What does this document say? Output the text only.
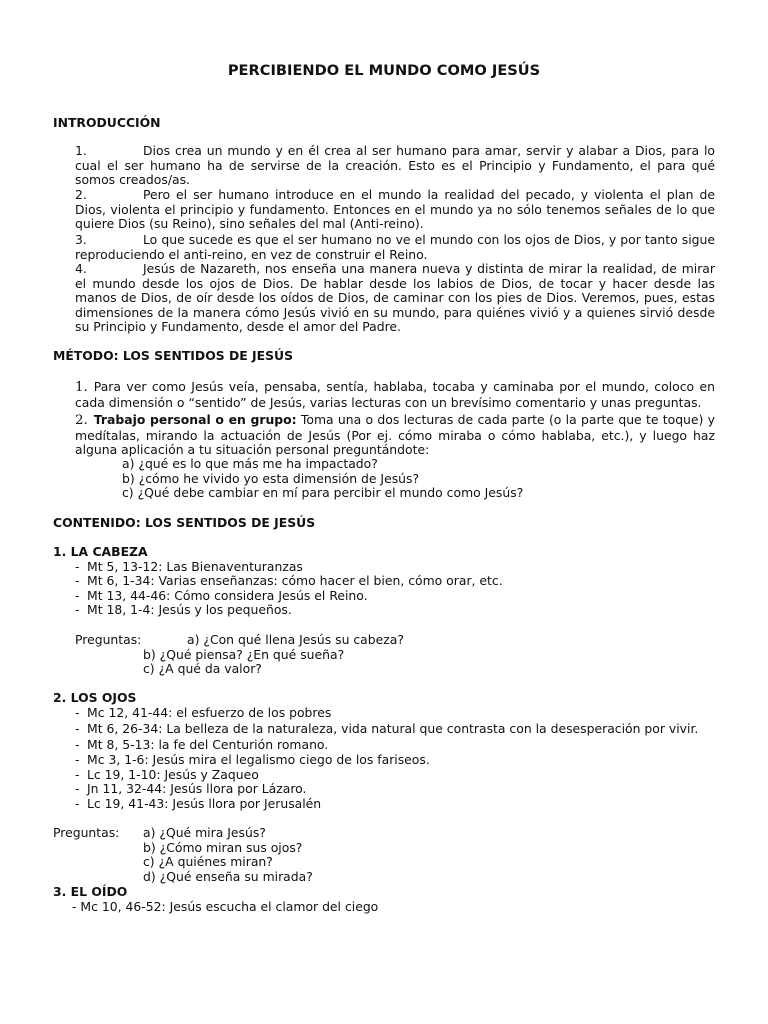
PERCIBIENDO EL MUNDO COMO JESÚS
INTRODUCCIÓN
1.	Dios crea un mundo y en él crea al ser humano para amar, servir y alabar a Dios, para lo cual el ser humano ha de servirse de la creación. Esto es el Principio y Fundamento, el para qué somos creados/as.
2.	Pero el ser humano introduce en el mundo la realidad del pecado, y violenta el plan de Dios, violenta el principio y fundamento. Entonces en el mundo ya no sólo tenemos señales de lo que quiere Dios (su Reino), sino señales del mal (Anti-reino).
3.	Lo que sucede es que el ser humano no ve el mundo con los ojos de Dios, y por tanto sigue reproduciendo el anti-reino, en vez de construir el Reino.
4.	Jesús de Nazareth, nos enseña una manera nueva y distinta de mirar la realidad, de mirar el mundo desde los ojos de Dios. De hablar desde los labios de Dios, de tocar y hacer desde las manos de Dios, de oír desde los oídos de Dios, de caminar con los pies de Dios. Veremos, pues, estas dimensiones de la manera cómo Jesús vivió en su mundo, para quiénes vivió y a quienes sirvió desde su Principio y Fundamento, desde el amor del Padre.
MÉTODO: LOS SENTIDOS DE JESÚS
1. Para ver como Jesús veía, pensaba, sentía, hablaba, tocaba y caminaba por el mundo, coloco en cada dimensión o “sentido” de Jesús, varias lecturas con un brevísimo comentario y unas preguntas.
2. Trabajo personal o en grupo: Toma una o dos lecturas de cada parte (o la parte que te toque) y medítalas, mirando la actuación de Jesús (Por ej. cómo miraba o cómo hablaba, etc.), y luego haz alguna aplicación a tu situación personal preguntándote:
a) ¿qué es lo que más me ha impactado?
b) ¿cómo he vivido yo esta dimensión de Jesús?
c) ¿Qué debe cambiar en mí para percibir el mundo como Jesús?
CONTENIDO: LOS SENTIDOS DE JESÚS
1. LA CABEZA
- Mt 5, 13-12: Las Bienaventuranzas
- Mt 6, 1-34: Varias enseñanzas: cómo hacer el bien, cómo orar, etc.
- Mt 13, 44-46: Cómo considera Jesús el Reino.
- Mt 18, 1-4: Jesús y los pequeños.
Preguntas:	a) ¿Con qué llena Jesús su cabeza?
b) ¿Qué piensa? ¿En qué sueña?
c) ¿A qué da valor?
2. LOS OJOS
- Mc 12, 41-44: el esfuerzo de los pobres
- Mt 6, 26-34: La belleza de la naturaleza, vida natural que contrasta con la desesperación por vivir.
- Mt 8, 5-13: la fe del Centurión romano.
- Mc 3, 1-6: Jesús mira el legalismo ciego de los fariseos.
- Lc 19, 1-10: Jesús y Zaqueo
- Jn 11, 32-44: Jesús llora por Lázaro.
- Lc 19, 41-43: Jesús llora por Jerusalén
Preguntas: a) ¿Qué mira Jesús?
b) ¿Cómo miran sus ojos?
c) ¿A quiénes miran?
d) ¿Qué enseña su mirada?
3. EL OÍDO
- Mc 10, 46-52: Jesús escucha el clamor del ciego
